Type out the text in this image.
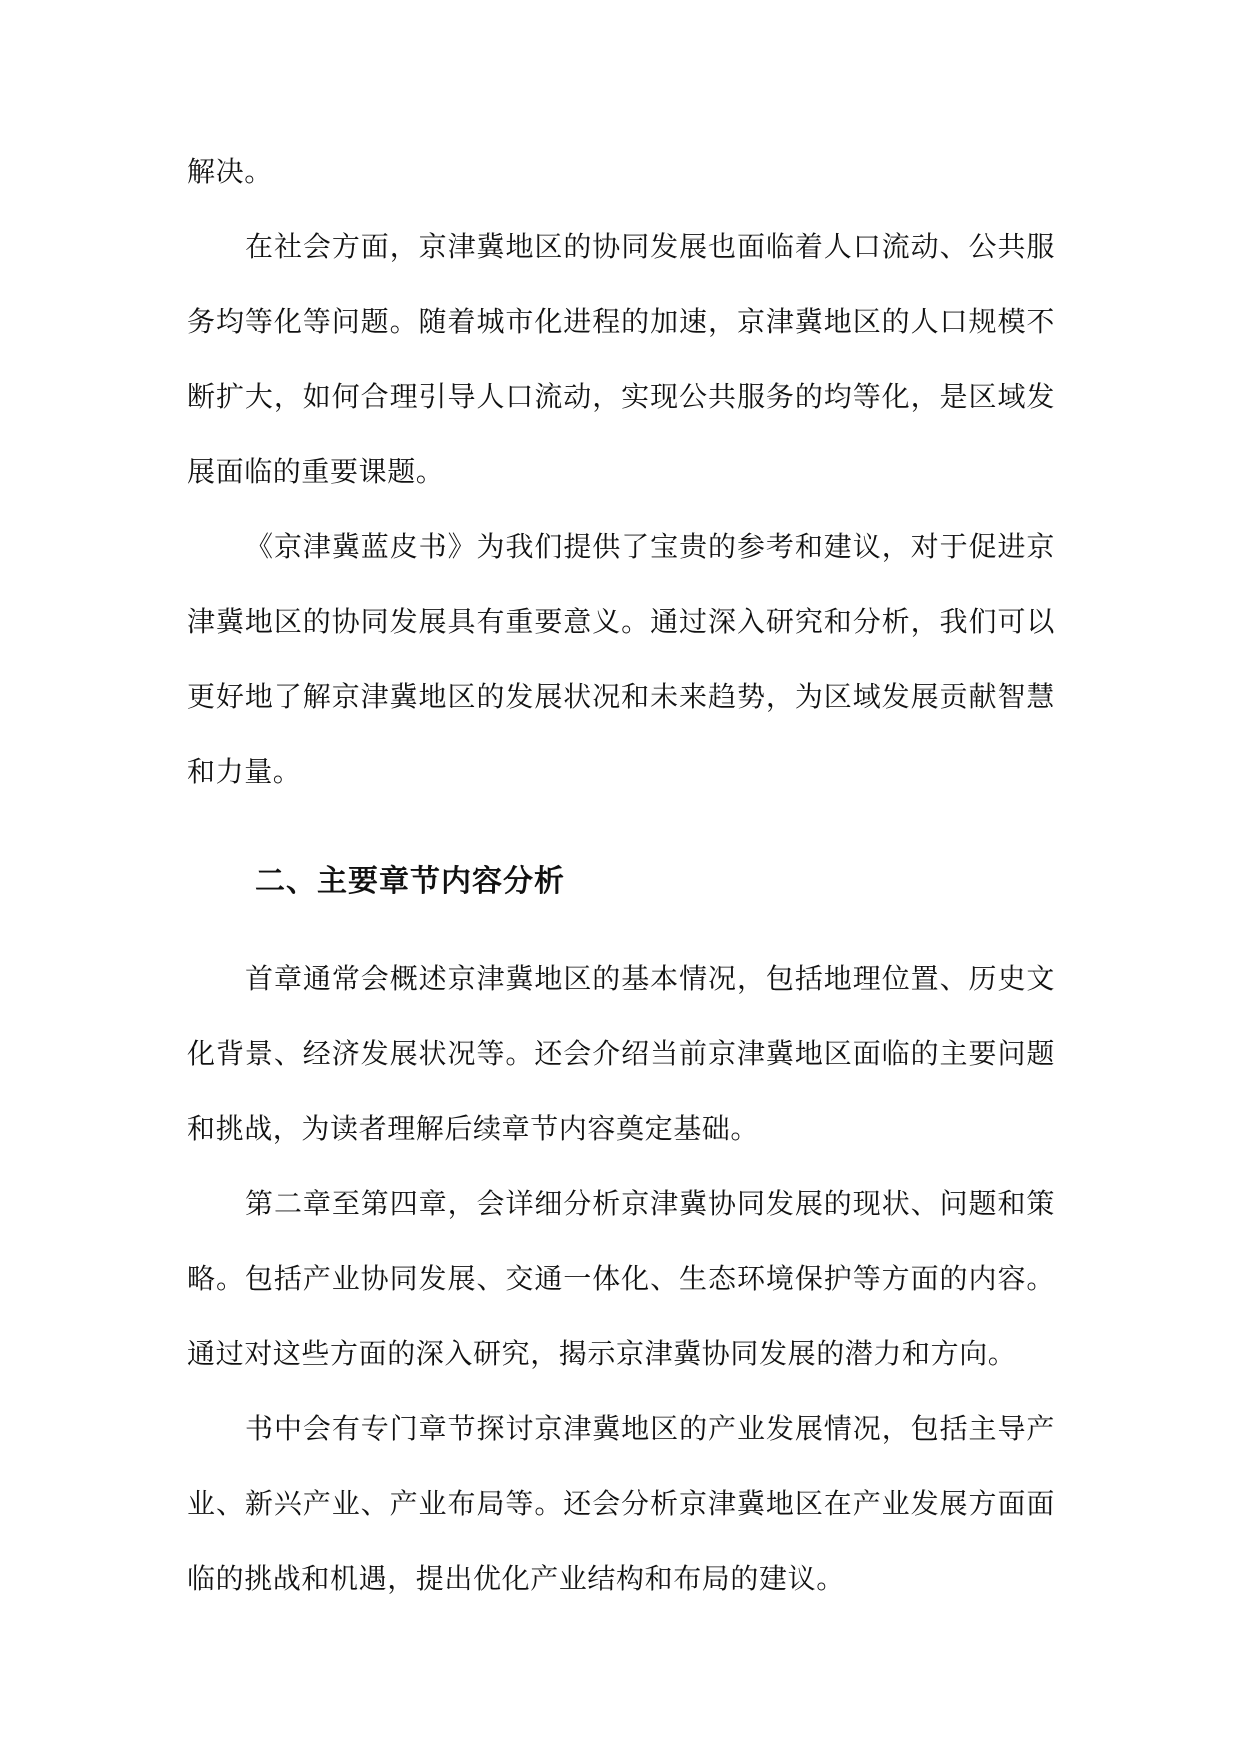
解决。

在社会方面，京津冀地区的协同发展也面临着人口流动、公共服务均等化等问题。随着城市化进程的加速，京津冀地区的人口规模不断扩大，如何合理引导人口流动，实现公共服务的均等化，是区域发展面临的重要课题。

《京津冀蓝皮书》为我们提供了宝贵的参考和建议，对于促进京津冀地区的协同发展具有重要意义。通过深入研究和分析，我们可以更好地了解京津冀地区的发展状况和未来趋势，为区域发展贡献智慧和力量。

二、主要章节内容分析

首章通常会概述京津冀地区的基本情况，包括地理位置、历史文化背景、经济发展状况等。还会介绍当前京津冀地区面临的主要问题和挑战，为读者理解后续章节内容奠定基础。

第二章至第四章，会详细分析京津冀协同发展的现状、问题和策略。包括产业协同发展、交通一体化、生态环境保护等方面的内容。通过对这些方面的深入研究，揭示京津冀协同发展的潜力和方向。

书中会有专门章节探讨京津冀地区的产业发展情况，包括主导产业、新兴产业、产业布局等。还会分析京津冀地区在产业发展方面面临的挑战和机遇，提出优化产业结构和布局的建议。
